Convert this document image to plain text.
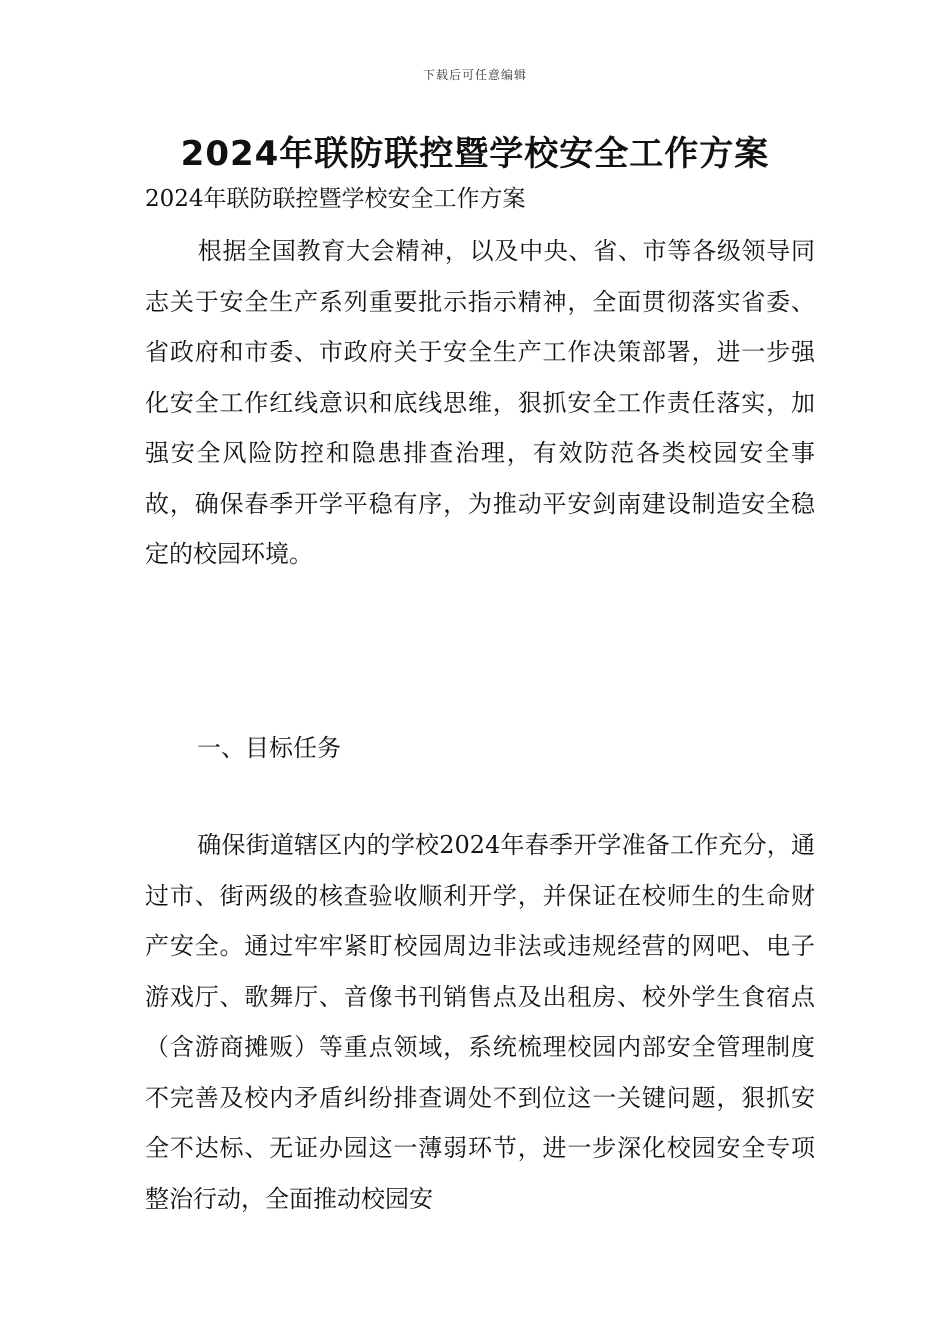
下载后可任意编辑
2024年联防联控暨学校安全工作方案
2024年联防联控暨学校安全工作方案

根据全国教育大会精神，以及中央、省、市等各级领导同志关于安全生产系列重要批示指示精神，全面贯彻落实省委、省政府和市委、市政府关于安全生产工作决策部署，进一步强化安全工作红线意识和底线思维，狠抓安全工作责任落实，加强安全风险防控和隐患排查治理，有效防范各类校园安全事故，确保春季开学平稳有序，为推动平安剑南建设制造安全稳定的校园环境。

一、目标任务

确保街道辖区内的学校2024年春季开学准备工作充分，通过市、街两级的核查验收顺利开学，并保证在校师生的生命财产安全。通过牢牢紧盯校园周边非法或违规经营的网吧、电子游戏厅、歌舞厅、音像书刊销售点及出租房、校外学生食宿点（含游商摊贩）等重点领域，系统梳理校园内部安全管理制度不完善及校内矛盾纠纷排查调处不到位这一关键问题，狠抓安全不达标、无证办园这一薄弱环节，进一步深化校园安全专项整治行动，全面推动校园安
